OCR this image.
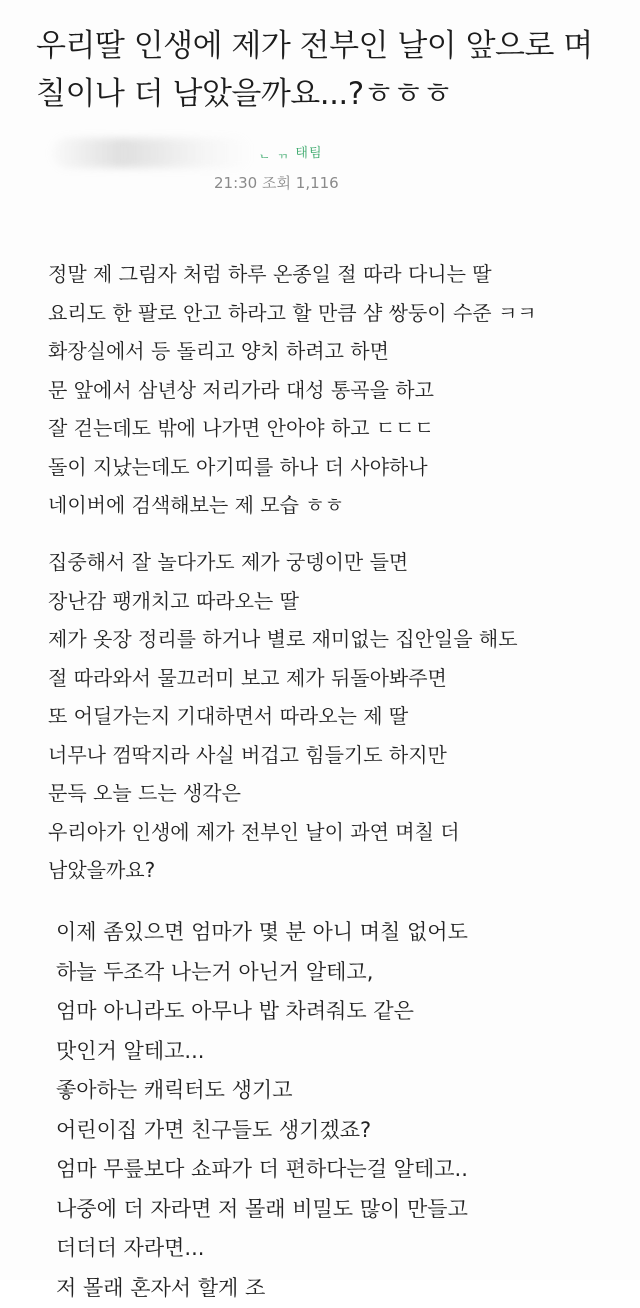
우리딸 인생에 제가 전부인 날이 앞으로 며칠이나 더 남았을까요...?ㅎㅎㅎ
ᆫ ᆩ 태팀
21:30 조회 1,116

정말 제 그림자 처럼 하루 온종일 절 따라 다니는 딸

요리도 한 팔로 안고 하라고 할 만큼 샴 쌍둥이 수준 ㅋㅋ

화장실에서 등 돌리고 양치 하려고 하면

문 앞에서 삼년상 저리가라 대성 통곡을 하고

잘 걷는데도 밖에 나가면 안아야 하고 ㄷㄷㄷ

돌이 지났는데도 아기띠를 하나 더 사야하나

네이버에 검색해보는 제 모습 ㅎㅎ

집중해서 잘 놀다가도 제가 궁뎅이만 들면

장난감 팽개치고 따라오는 딸

제가 옷장 정리를 하거나 별로 재미없는 집안일을 해도

절 따라와서 물끄러미 보고 제가 뒤돌아봐주면

또 어딜가는지 기대하면서 따라오는 제 딸

너무나 껌딱지라 사실 버겁고 힘들기도 하지만

문득 오늘 드는 생각은

우리아가 인생에 제가 전부인 날이 과연 며칠 더

남았을까요?

이제 좀있으면 엄마가 몇 분 아니 며칠 없어도

하늘 두조각 나는거 아닌거 알테고,

엄마 아니라도 아무나 밥 차려줘도 같은

맛인거 알테고...

좋아하는 캐릭터도 생기고

어린이집 가면 친구들도 생기겠죠?

엄마 무릎보다 쇼파가 더 편하다는걸 알테고..

나중에 더 자라면 저 몰래 비밀도 많이 만들고

더더더 자라면...

저 몰래 혼자서 할게 조
